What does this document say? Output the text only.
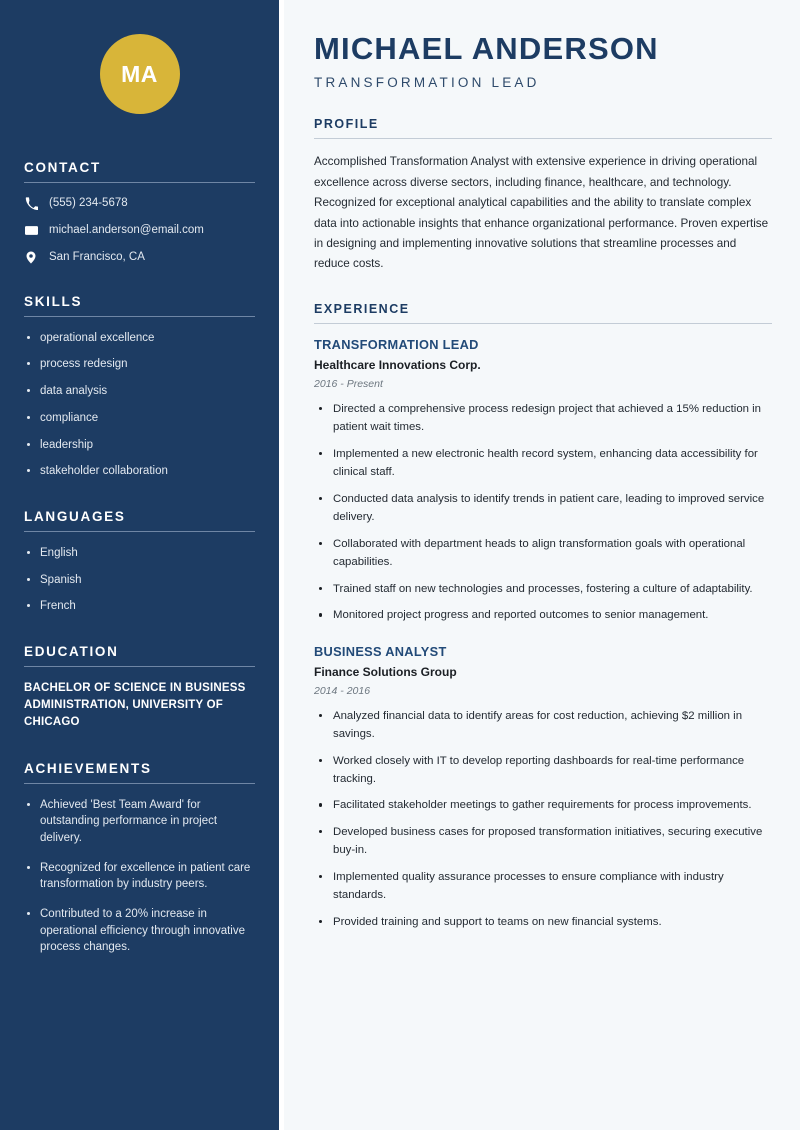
MA
CONTACT
(555) 234-5678
michael.anderson@email.com
San Francisco, CA
SKILLS
operational excellence
process redesign
data analysis
compliance
leadership
stakeholder collaboration
LANGUAGES
English
Spanish
French
EDUCATION
BACHELOR OF SCIENCE IN BUSINESS ADMINISTRATION, UNIVERSITY OF CHICAGO
ACHIEVEMENTS
Achieved 'Best Team Award' for outstanding performance in project delivery.
Recognized for excellence in patient care transformation by industry peers.
Contributed to a 20% increase in operational efficiency through innovative process changes.
MICHAEL ANDERSON
TRANSFORMATION LEAD
PROFILE

Accomplished Transformation Analyst with extensive experience in driving operational excellence across diverse sectors, including finance, healthcare, and technology. Recognized for exceptional analytical capabilities and the ability to translate complex data into actionable insights that enhance organizational performance. Proven expertise in designing and implementing innovative solutions that streamline processes and reduce costs.

EXPERIENCE
TRANSFORMATION LEAD
Healthcare Innovations Corp.
2016 - Present
Directed a comprehensive process redesign project that achieved a 15% reduction in patient wait times.
Implemented a new electronic health record system, enhancing data accessibility for clinical staff.
Conducted data analysis to identify trends in patient care, leading to improved service delivery.
Collaborated with department heads to align transformation goals with operational capabilities.
Trained staff on new technologies and processes, fostering a culture of adaptability.
Monitored project progress and reported outcomes to senior management.
BUSINESS ANALYST
Finance Solutions Group
2014 - 2016
Analyzed financial data to identify areas for cost reduction, achieving $2 million in savings.
Worked closely with IT to develop reporting dashboards for real-time performance tracking.
Facilitated stakeholder meetings to gather requirements for process improvements.
Developed business cases for proposed transformation initiatives, securing executive buy-in.
Implemented quality assurance processes to ensure compliance with industry standards.
Provided training and support to teams on new financial systems.
